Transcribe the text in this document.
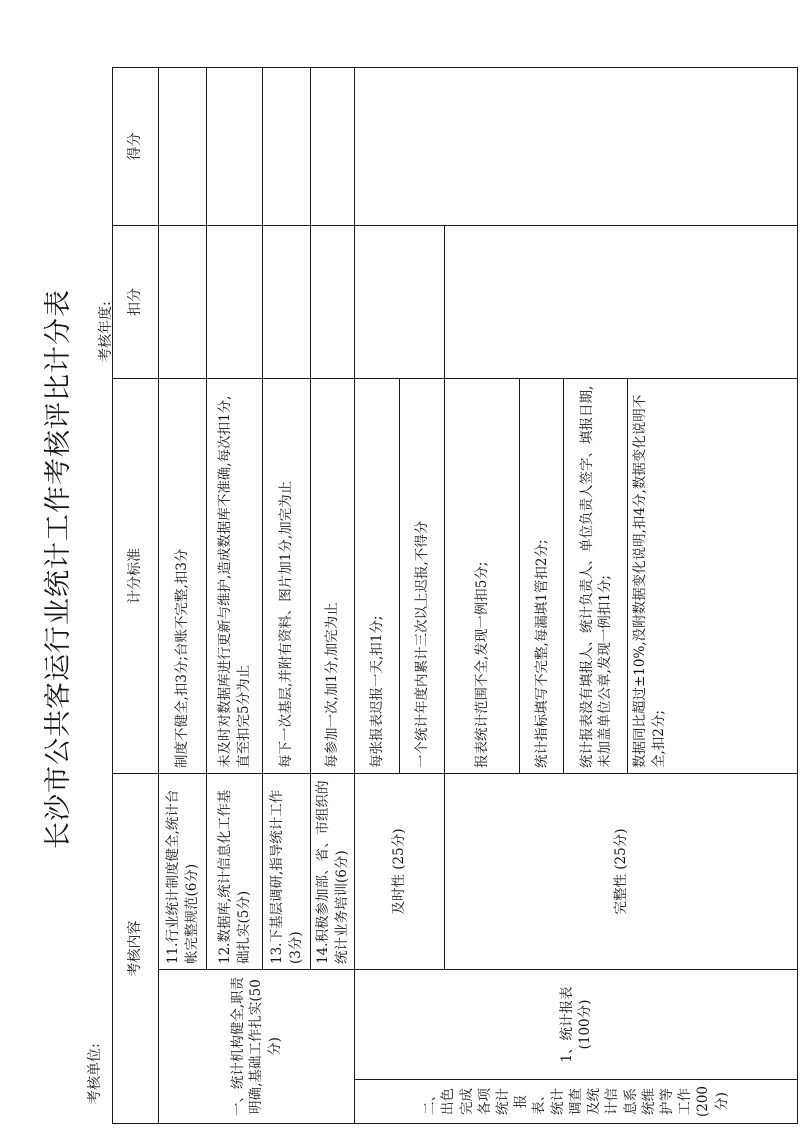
长沙市公共客运行业统计工作考核评比计分表
考核单位:
考核年度:
考核内容			计分标准	扣分	得分
一、统计机构健全,职责明确,基础工作扎实(50分)		11.行业统计制度健全,统计台帐完整规范(6分)	制度不健全,扣3分;台账不完整,扣3分		
		12.数据库,统计信息化工作基础扎实(5分)	未及时对数据库进行更新与维护,造成数据库不准确,每次扣1分,直至扣完5分为止		
		13.下基层调研,指导统计工作(3分)	每下一次基层,并附有资料、图片加1分,加完为止		
		14.积极参加部、省、市组织的统计业务培训(6分)	每参加一次,加1分,加完为止		
二、出色完成各项统计报表、统计调查及统计信息系统维护等工作(200分)	1、统计报表(100分)	及时性 (25分)	每张报表迟报一天,扣1分;		
			一个统计年度内累计三次以上迟报,不得分		
		完整性 (25分)	报表统计范围不全,发现一例扣5分;		
			统计指标填写不完整,每漏填1管扣2分;		
			统计报表没有填报人、统计负责人、单位负责人签字、填报日期,未加盖单位公章,发现一例扣1分;		
			数据同比超过±10%,没附数据变化说明,扣4分,数据变化说明不全,扣2分;		
